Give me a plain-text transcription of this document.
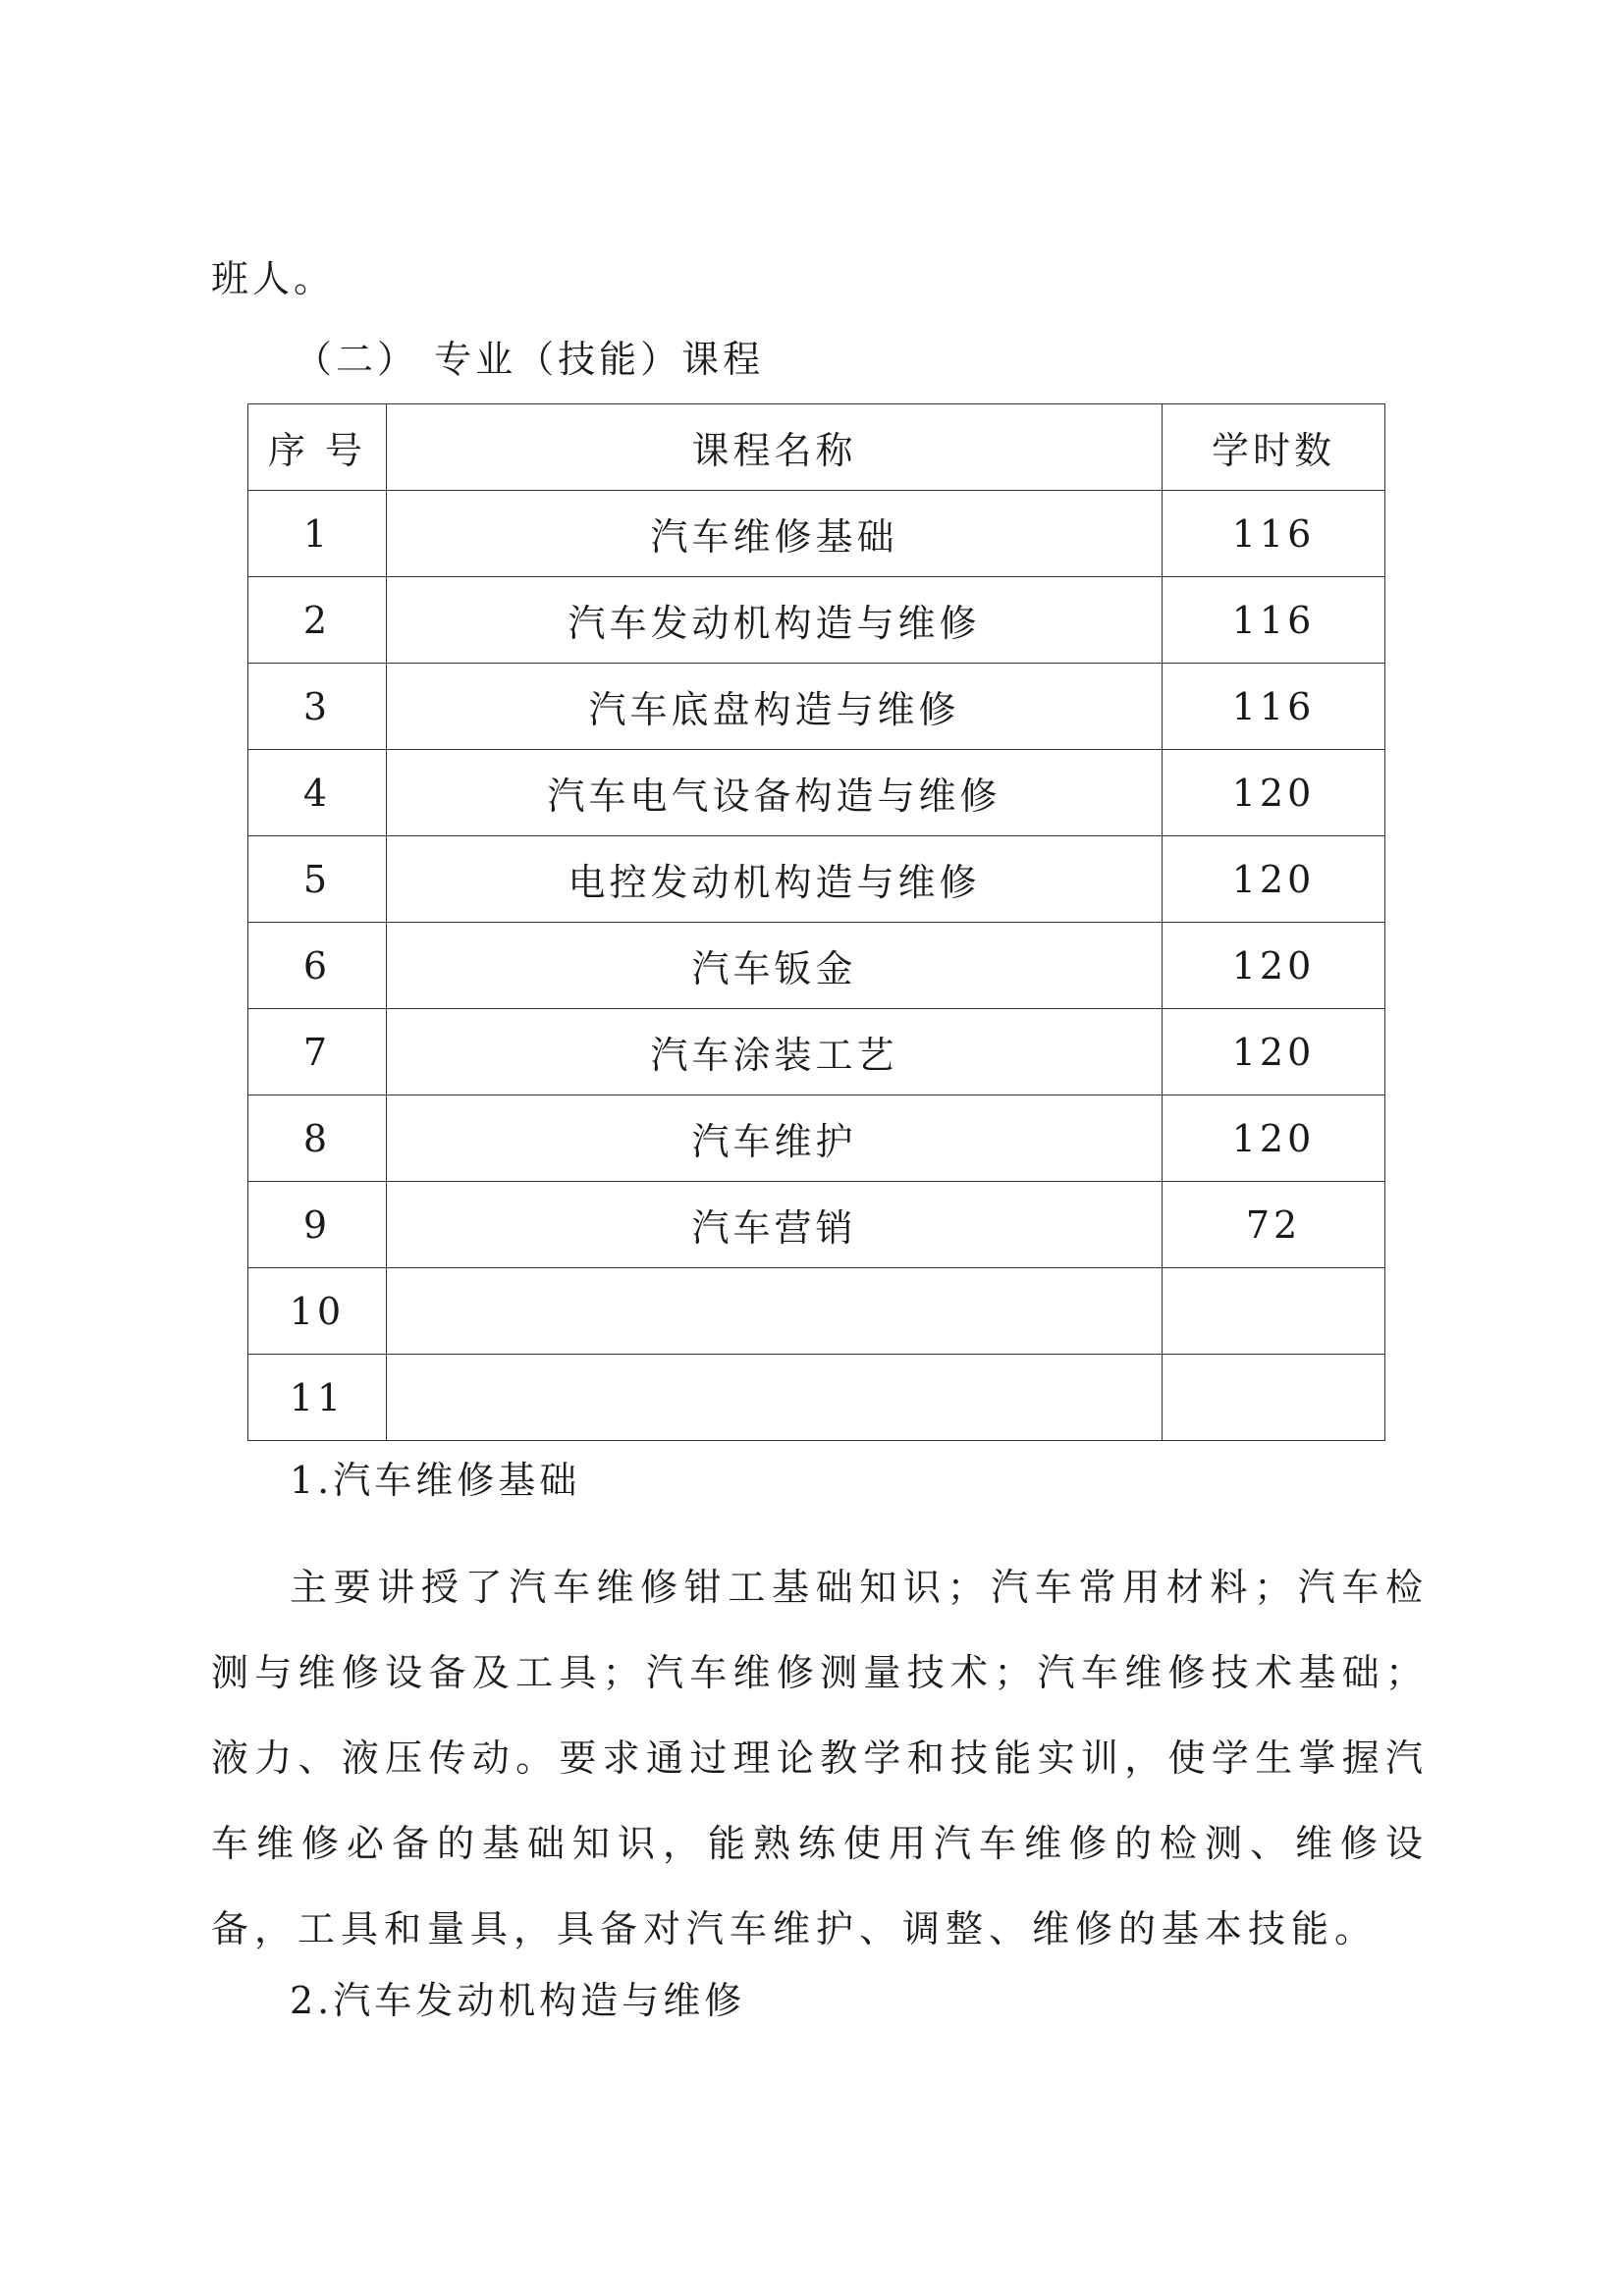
班人。
（二） 专业（技能）课程
序 号	课程名称	学时数
1	汽车维修基础	116
2	汽车发动机构造与维修	116
3	汽车底盘构造与维修	116
4	汽车电气设备构造与维修	120
5	电控发动机构造与维修	120
6	汽车钣金	120
7	汽车涂装工艺	120
8	汽车维护	120
9	汽车营销	72
10		
11		
1.汽车维修基础
主要讲授了汽车维修钳工基础知识；汽车常用材料；汽车检测与维修设备及工具；汽车维修测量技术；汽车维修技术基础；液力、液压传动。要求通过理论教学和技能实训，使学生掌握汽车维修必备的基础知识，能熟练使用汽车维修的检测、维修设备，工具和量具，具备对汽车维护、调整、维修的基本技能。
2.汽车发动机构造与维修
